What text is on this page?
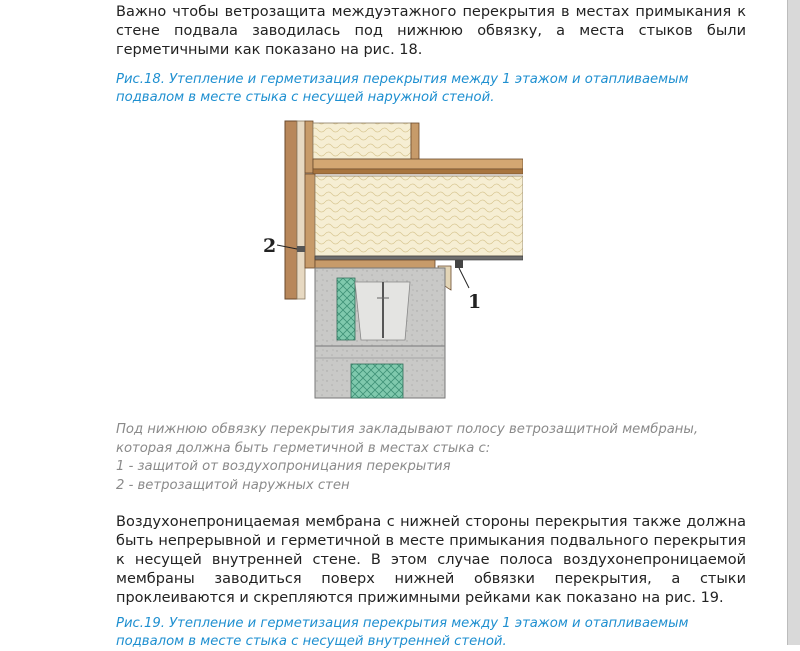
Важно чтобы ветрозащита междуэтажного перекрытия в местах примыкания к стене подвала заводилась под нижнюю обвязку, а места стыков были герметичными как показано на рис. 18.

Рис.18. Утепление и герметизация перекрытия между 1 этажом и отапливаемым подвалом в месте стыка с несущей наружной стеной.

Под нижнюю обвязку перекрытия закладывают полосу ветрозащитной мембраны,

которая должна быть герметичной в местах стыка с:

1 - защитой от воздухопроницания перекрытия

2 - ветрозащитой наружных стен

Воздухонепроницаемая мембрана с нижней стороны перекрытия также должна быть непрерывной и герметичной в месте примыкания подвального перекрытия к несущей внутренней стене. В этом случае полоса воздухонепроницаемой мембраны заводиться поверх нижней обвязки перекрытия, а стыки проклеиваются и скрепляются прижимными рейками как показано на рис. 19.

Рис.19. Утепление и герметизация перекрытия между 1 этажом и отапливаемым подвалом в месте стыка с несущей внутренней стеной.

2
1
